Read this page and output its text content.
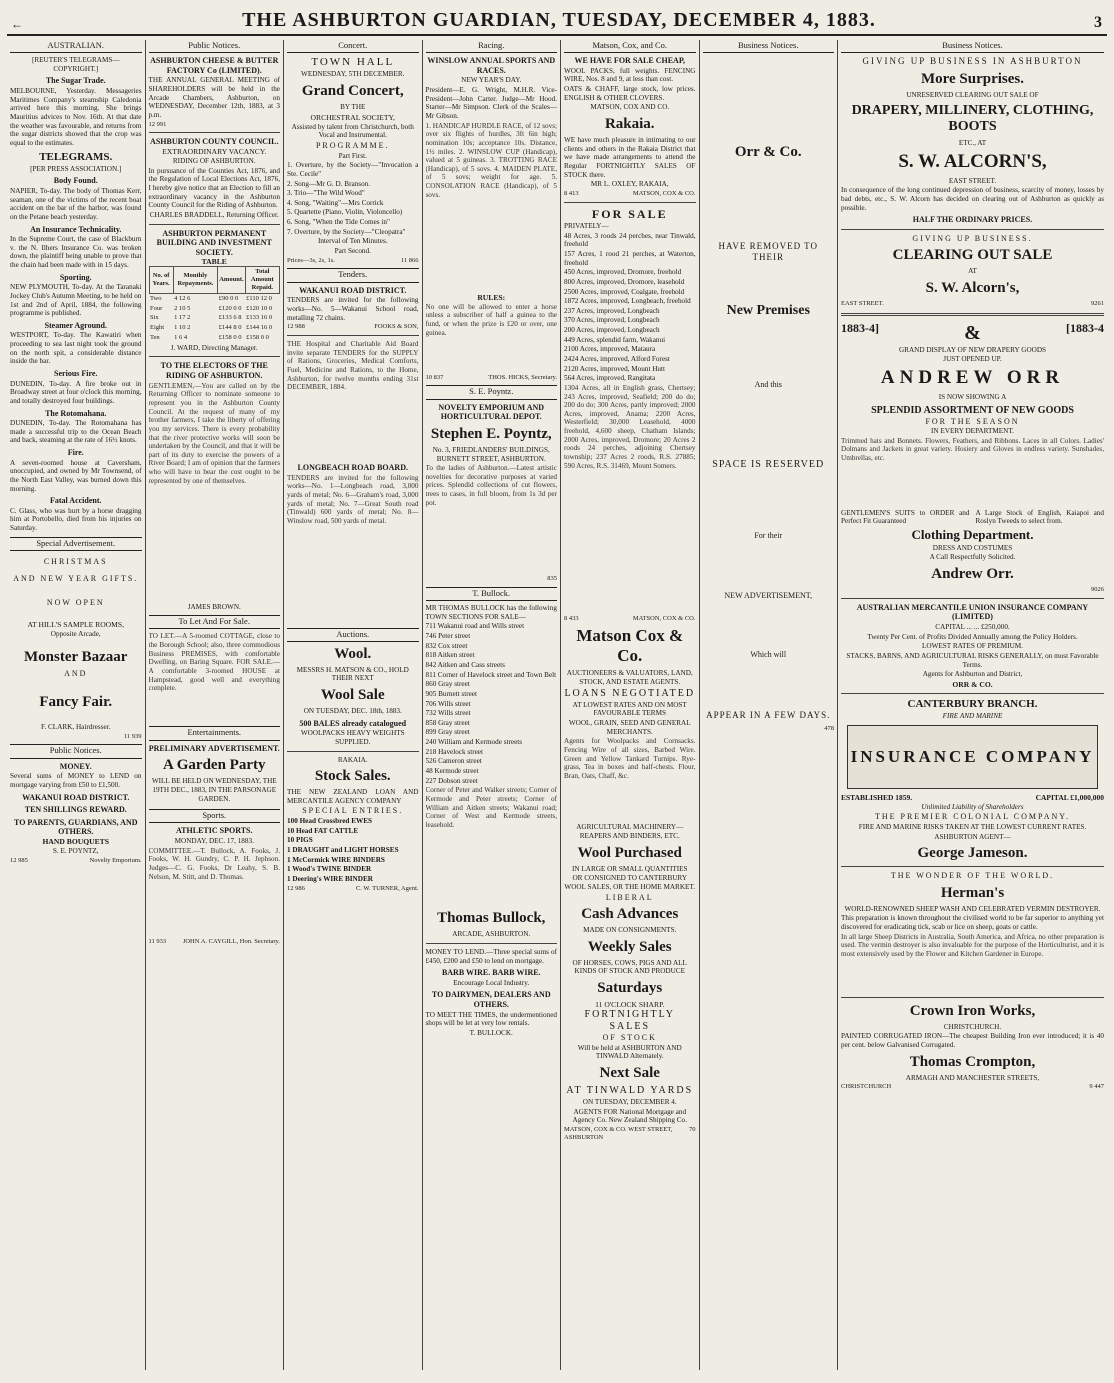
←	THE ASHBURTON GUARDIAN, TUESDAY, DECEMBER 4, 1883.	3
AUSTRALIAN.
[REUTER'S TELEGRAMS—COPYRIGHT.]
The Sugar Trade.
MELBOURNE, Yesterday. Messageries Maritimes Company's steamship Caledonia arrived here this morning. She brings Mauritius advices to Nov. 16th. At that date the weather was favourable, and returns from the sugar districts showed that the crop was equal to the estimates.
TELEGRAMS.
[PER PRESS ASSOCIATION.]
Body Found.
NAPIER, To-day. The body of Thomas Kerr, seaman, one of the victims of the recent boat accident on the bar of the harbor, was found on the Petane beach yesterday.
An Insurance Technicality.
In the Supreme Court, the case of Blackburn v. the N. Ilhers Insurance Co. was broken down, the plaintiff being unable to prove that the chain had been made with in 15 days.
Sporting.
NEW PLYMOUTH, To-day. At the Taranaki Jockey Club's Autumn Meeting, to be held on 1st and 2nd of April, 1884, the following programme is published.
Steamer Aground.
WESTPORT, To-day. The Kawatiri when proceeding to sea last night took the ground on the north spit, a considerable distance inside the bar.
Serious Fire.
DUNEDIN, To-day. A fire broke out in Broadway street at four o'clock this morning, and totally destroyed four buildings.
The Rotomahana.
DUNEDIN, To-day. The Rotomahana has made a successful trip to the Ocean Beach and back, steaming at the rate of 16½ knots.
Fire.
A seven-roomed house at Caversham, unoccupied, and owned by Mr Townsend, of the North East Valley, was burned down this morning.
Fatal Accident.
C. Glass, who was hurt by a horse dragging him at Portobello, died from his injuries on Saturday.
Special Advertisement.
CHRISTMAS
AND NEW YEAR GIFTS.
NOW OPEN
AT HILL'S SAMPLE ROOMS,
Opposite Arcade,
Monster Bazaar
AND
Fancy Fair.
F. CLARK, Hairdresser.
11 939
Public Notices.
MONEY.
Several sums of MONEY to LEND on mortgage varying from £50 to £1,500.
WAKANUI ROAD DISTRICT.
TEN SHILLINGS REWARD.
TO PARENTS, GUARDIANS, AND OTHERS.
HAND BOUQUETS
S. E. POYNTZ,
12 985	Novelty Emporium.
Public Notices.
ASHBURTON CHEESE & BUTTER FACTORY Co (LIMITED).
THE ANNUAL GENERAL MEETING of SHAREHOLDERS will be held in the Arcade Chambers, Ashburton, on WEDNESDAY, December 12th, 1883, at 3 p.m.
12 991
ASHBURTON COUNTY COUNCIL.
EXTRAORDINARY VACANCY.
RIDING OF ASHBURTON.
In pursuance of the Counties Act, 1876, and the Regulation of Local Elections Act, 1876, I hereby give notice that an Election to fill an extraordinary vacancy in the Ashburton County Council for the Riding of Ashburton.
CHARLES BRADDELL, Returning Officer.
ASHBURTON PERMANENT BUILDING AND INVESTMENT SOCIETY.
TABLE
No. of Years.	Monthly Repayments.	Amount.	Total Amount Repaid.
Two	4 12 6	£90 0 0	£110 12 0
Four	2 10 5	£120 0 0	£120 10 0
Six	1 17 2	£133 6 8	£133 16 0
Eight	1 10 2	£144 8 0	£144 16 0
Ten	1 6 4	£158 0 0	£158 0 0
J. WARD, Directing Manager.
TO THE ELECTORS OF THE RIDING OF ASHBURTON.
GENTLEMEN,—You are called on by the Returning Officer to nominate someone to represent you in the Ashburton County Council. At the request of many of my brother farmers, I take the liberty of offering you my services. There is every probability that the river protective works will soon be undertaken by the Council, and that it will be part of its duty to exercise the powers of a River Board; I am of opinion that the farmers who will have to bear the cost ought to be represented by one of themselves.
JAMES BROWN.
To Let And For Sale.
TO LET.—A 5-roomed COTTAGE, close to the Borough School; also, three commodious Business PREMISES, with comfortable Dwelling, on Baring Square. FOR SALE.—A comfortable 3-roomed HOUSE at Hampstead, good well and everything complete.
Entertainments.
PRELIMINARY ADVERTISEMENT.
A Garden Party
WILL BE HELD ON WEDNESDAY, THE 19TH DEC., 1883, IN THE PARSONAGE GARDEN.
Sports.
ATHLETIC SPORTS.
MONDAY, DEC. 17, 1883.
COMMITTEE.—T. Bullock, A. Fooks, J. Fooks, W. H. Gundry, C. P. H. Jephson. Judges—C. G. Fooks, Dr Leahy, S. B. Nelson, M. Stitt, and D. Thomas.
11 933	JOHN A. CAYGILL, Hon. Secretary.
Concert.
TOWN HALL
WEDNESDAY, 5TH DECEMBER.
Grand Concert,
BY THE
ORCHESTRAL SOCIETY,
Assisted by talent from Christchurch, both Vocal and Instrumental.
PROGRAMME.
Part First.
1. Overture, by the Society—"Invocation a Ste. Cecile"
2. Song—Mr G. D. Branson.
3. Trio—"The Wild Wood"
4. Song, "Waiting"—Mrs Corrick
5. Quartette (Piano, Violin, Violoncello)
6. Song, "When the Tide Comes in"
7. Overture, by the Society—"Cleopatra"
Interval of Ten Minutes.
Part Second.
Prices—3s, 2s, 1s.	11 866
Tenders.
WAKANUI ROAD DISTRICT.
TENDERS are invited for the following works—No. 5—Wakanui School road, metalling 72 chains.
12 988	FOOKS & SON,
THE Hospital and Charitable Aid Board invite separate TENDERS for the SUPPLY of Rations, Groceries, Medical Comforts, Fuel, Medicine and Rations, to the Home, Ashburton, for twelve months ending 31st DECEMBER, 1884.
LONGBEACH ROAD BOARD.
TENDERS are invited for the following works—No. 1—Longbeach road, 3,000 yards of metal; No. 6—Graham's road, 3,000 yards of metal; No. 7—Great South road (Tinwald) 600 yards of metal; No. 8—Winslow road, 500 yards of metal.
Auctions.
Wool.
MESSRS H. MATSON & CO., HOLD THEIR NEXT
Wool Sale
ON TUESDAY, DEC. 18th, 1883.
500 BALES already catalogued
WOOLPACKS HEAVY WEIGHTS SUPPLIED.
RAKAIA.
Stock Sales.
THE NEW ZEALAND LOAN AND MERCANTILE AGENCY COMPANY
SPECIAL ENTRIES.
100 Head Crossbred EWES
10 Head FAT CATTLE
10 PIGS
1 DRAUGHT and LIGHT HORSES
1 McCormick WIRE BINDERS
1 Wood's TWINE BINDER
1 Deering's WIRE BINDER
12 986	C. W. TURNER, Agent.
Racing.
WINSLOW ANNUAL SPORTS AND RACES.
NEW YEAR'S DAY.
President—E. G. Wright, M.H.R. Vice-President—John Carter. Judge—Mr Hood. Starter—Mr Simpson. Clerk of the Scales—Mr Gibson.
1. HANDICAP HURDLE RACE, of 12 sovs; over six flights of hurdles, 3ft 6in high; nomination 10s; acceptance 10s. Distance, 1½ miles. 2. WINSLOW CUP (Handicap), valued at 5 guineas. 3. TROTTING RACE (Handicap), of 5 sovs. 4. MAIDEN PLATE, of 5 sovs; weight for age. 5. CONSOLATION RACE (Handicap), of 5 sovs.
RULES:
No one will be allowed to enter a horse unless a subscriber of half a guinea to the fund, or when the prize is £20 or over, one guinea.
10 837	THOS. HICKS, Secretary.
S. E. Poyntz.
NOVELTY EMPORIUM AND HORTICULTURAL DEPOT.
Stephen E. Poyntz,
No. 3, FRIEDLANDERS' BUILDINGS, BURNETT STREET, ASHBURTON.
To the ladies of Ashburton.—Latest artistic novelties for decorative purposes at varied prices. Splendid collections of cut flowers, trees to cases, in full bloom, from 1s 3d per pot.
835
T. Bullock.
MR THOMAS BULLOCK has the following TOWN SECTIONS FOR SALE—
711 Wakanui road and Wills street
746 Peter street
832 Cox street
818 Aitken street
842 Aitken and Cass streets
811 Corner of Havelock street and Town Belt
860 Gray street
905 Burnett street
706 Wills street
732 Wills street
858 Gray street
899 Gray street
240 William and Kermode streets
218 Havelock street
526 Cameron street
48 Kermode street
227 Dobson street
Corner of Peter and Walker streets; Corner of Kermode and Peter streets; Corner of William and Aitken streets; Wakanui road; Corner of West and Kermode streets, leasehold.
Thomas Bullock,
ARCADE, ASHBURTON.
MONEY TO LEND.—Three special sums of £450, £200 and £50 to lend on mortgage.
BARB WIRE. BARB WIRE.
Encourage Local Industry.
TO DAIRYMEN, DEALERS AND OTHERS.
TO MEET THE TIMES, the undermentioned shops will be let at very low rentals.
T. BULLOCK.
Matson, Cox, and Co.
WE HAVE FOR SALE CHEAP,
WOOL PACKS, full weights. FENCING WIRE, Nos. 8 and 9, at less than cost.
OATS & CHAFF, large stock, low prices. ENGLISH & OTHER CLOVERS.
MATSON, COX AND CO.
Rakaia.
WE have much pleasure in intimating to our clients and others in the Rakaia District that we have made arrangements to attend the Regular FORTNIGHTLY SALES OF STOCK there.
MR L. OXLEY, RAKAIA,
8 413	MATSON, COX & CO.
FOR SALE
PRIVATELY—
48 Acres, 3 roods 24 perches, near Tinwald, freehold
157 Acres, 1 rood 21 perches, at Waterton, freehold
450 Acres, improved, Dromore, freehold
800 Acres, improved, Dromore, leasehold
2500 Acres, improved, Coalgate, freehold
1872 Acres, improved, Longbeach, freehold
237 Acres, improved, Longbeach
370 Acres, improved, Longbeach
200 Acres, improved, Longbeach
449 Acres, splendid farm, Wakanui
2100 Acres, improved, Mataura
2424 Acres, improved, Alford Forest
2120 Acres, improved, Mount Hutt
564 Acres, improved, Rangitata
1304 Acres, all in English grass, Chertsey; 243 Acres, improved, Seafield; 200 do do; 200 do do; 300 Acres, partly improved; 2000 Acres, improved, Anama; 2200 Acres, Westerfield; 30,000 Leasehold, 4000 freehold, 4,600 sheep, Chatham Islands; 2000 Acres, improved, Dromore; 20 Acres 2 roods 24 perches, adjoining Chertsey township; 237 Acres 2 roods, R.S. 27885; 590 Acres, R.S. 31469, Mount Somers.
8 433	MATSON, COX & CO.
Matson Cox & Co.
AUCTIONEERS & VALUATORS, LAND, STOCK, AND ESTATE AGENTS.
LOANS NEGOTIATED
AT LOWEST RATES AND ON MOST FAVOURABLE TERMS
WOOL, GRAIN, SEED AND GENERAL MERCHANTS.
Agents for Woolpacks and Cornsacks. Fencing Wire of all sizes, Barbed Wire. Green and Yellow Tankard Turnips. Rye-grass, Tea in boxes and half-chests. Flour, Bran, Oats, Chaff, &c.
AGRICULTURAL MACHINERY—REAPERS AND BINDERS, ETC.
Wool Purchased
IN LARGE OR SMALL QUANTITIES
OR CONSIGNED TO CANTERBURY WOOL SALES, OR THE HOME MARKET.
LIBERAL
Cash Advances
MADE ON CONSIGNMENTS.
Weekly Sales
OF HORSES, COWS, PIGS AND ALL KINDS OF STOCK AND PRODUCE
Saturdays
11 O'CLOCK SHARP.
FORTNIGHTLY SALES
OF STOCK
Will be held at ASHBURTON AND TINWALD Alternately.
Next Sale
AT TINWALD YARDS
ON TUESDAY, DECEMBER 4.
AGENTS FOR National Mortgage and Agency Co. New Zealand Shipping Co.
MATSON, COX & CO. WEST STREET, ASHBURTON
70
Business Notices.
Orr & Co.
HAVE REMOVED TO THEIR
New Premises
And this
SPACE IS RESERVED
For their
NEW ADVERTISEMENT,
Which will
APPEAR IN A FEW DAYS.
478
Business Notices.
GIVING UP BUSINESS IN ASHBURTON
More Surprises.
UNRESERVED CLEARING OUT SALE OF
DRAPERY, MILLINERY, CLOTHING, BOOTS
ETC., AT
S. W. ALCORN'S,
EAST STREET.
In consequence of the long continued depression of business, scarcity of money, losses by bad debts, etc., S. W. Alcorn has decided on clearing out of Ashburton as quickly as possible.
HALF THE ORDINARY PRICES.
GIVING UP BUSINESS.
CLEARING OUT SALE
AT
S. W. Alcorn's,
EAST STREET.	9261
1883-4]	&	[1883-4
GRAND DISPLAY OF NEW DRAPERY GOODS
JUST OPENED UP.
ANDREW ORR
IS NOW SHOWING A
SPLENDID ASSORTMENT OF NEW GOODS
FOR THE SEASON
IN EVERY DEPARTMENT.
Trimmed hats and Bonnets. Flowers, Feathers, and Ribbons. Laces in all Colors. Ladies' Dolmans and Jackets in great variety. Hosiery and Gloves in endless variety. Sunshades, Umbrellas, etc.
GENTLEMEN'S SUITS to ORDER and Perfect Fit Guaranteed
A Large Stock of English, Kaiapoi and Roslyn Tweeds to select from.
Clothing Department.
DRESS AND COSTUMES
A Call Respectfully Solicited.
Andrew Orr.
9026
AUSTRALIAN MERCANTILE UNION INSURANCE COMPANY (LIMITED)
CAPITAL ... ... £250,000.
Twenty Per Cent. of Profits Divided Annually among the Policy Holders.
LOWEST RATES OF PREMIUM.
STACKS, BARNS, AND AGRICULTURAL RISKS GENERALLY, on most Favorable Terms.
Agents for Ashburton and District,
ORR & CO.
CANTERBURY BRANCH.
FIRE AND MARINE
INSURANCE COMPANY
ESTABLISHED 1859.	CAPITAL £1,000,000
Unlimited Liability of Shareholders
THE PREMIER COLONIAL COMPANY.
FIRE AND MARINE RISKS TAKEN AT THE LOWEST CURRENT RATES.
ASHBURTON AGENT—
George Jameson.
THE WONDER OF THE WORLD.
Herman's
WORLD-RENOWNED SHEEP WASH AND CELEBRATED VERMIN DESTROYER.
This preparation is known throughout the civilised world to be far superior to anything yet discovered for eradicating tick, scab or lice on sheep, goats or cattle.
In all large Sheep Districts in Australia, South America, and Africa, no other preparation is used. The vermin destroyer is also invaluable for the purpose of the Horticulturist, and it is most extensively used by the Flower and Kitchen Gardener in Europe.
Crown Iron Works,
CHRISTCHURCH.
PAINTED CORRUGATED IRON—The cheapest Building Iron ever introduced; it is 40 per cent. below Galvanised Corrugated.
Thomas Crompton,
ARMAGH AND MANCHESTER STREETS,
CHRISTCHURCH	9 447
